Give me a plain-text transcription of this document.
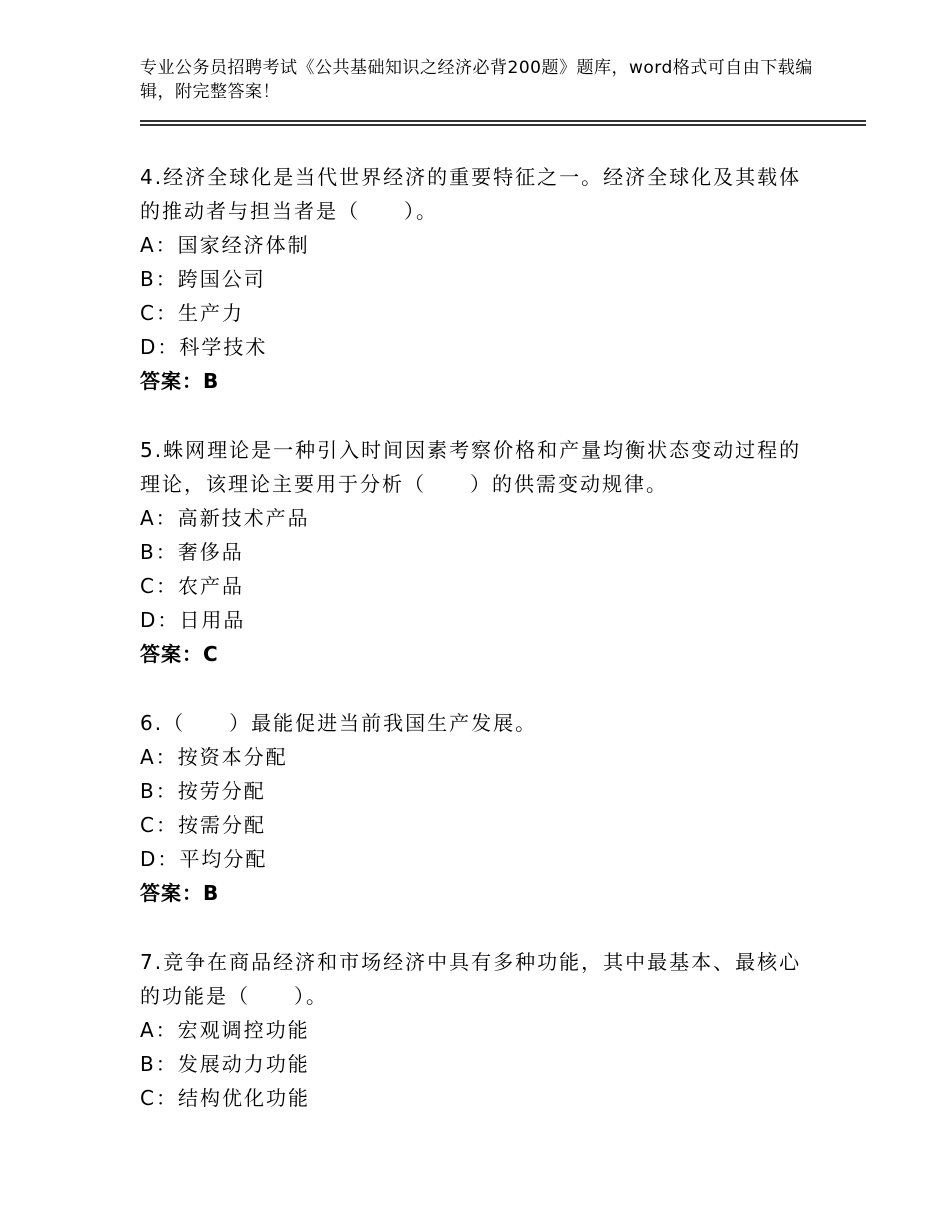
专业公务员招聘考试《公共基础知识之经济必背200题》题库，word格式可自由下载编辑，附完整答案！

4.经济全球化是当代世界经济的重要特征之一。经济全球化及其载体的推动者与担当者是（　　）。

A：国家经济体制

B：跨国公司

C：生产力

D：科学技术

答案：B

5.蛛网理论是一种引入时间因素考察价格和产量均衡状态变动过程的理论，该理论主要用于分析（　　）的供需变动规律。

A：高新技术产品

B：奢侈品

C：农产品

D：日用品

答案：C

6.（　　）最能促进当前我国生产发展。

A：按资本分配

B：按劳分配

C：按需分配

D：平均分配

答案：B

7.竞争在商品经济和市场经济中具有多种功能，其中最基本、最核心的功能是（　　）。

A：宏观调控功能

B：发展动力功能

C：结构优化功能
